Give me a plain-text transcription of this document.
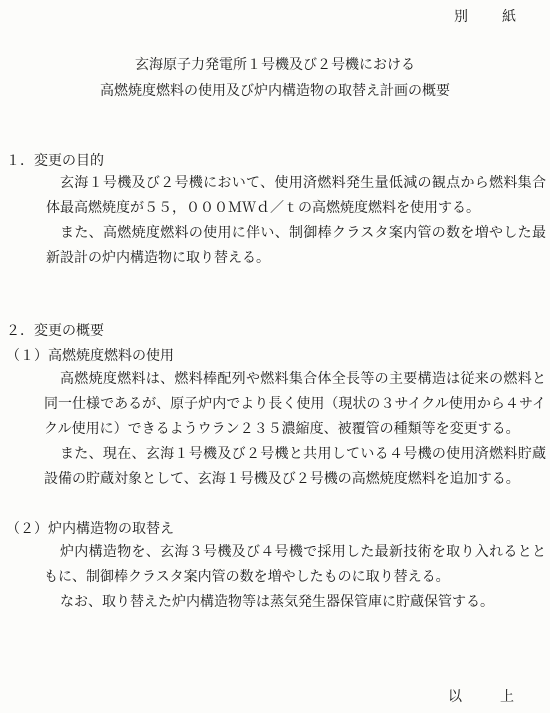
別　紙
玄海原子力発電所１号機及び２号機における
高燃焼度燃料の使用及び炉内構造物の取替え計画の概要
１．変更の目的

玄海１号機及び２号機において、使用済燃料発生量低減の観点から燃料集合体最高燃焼度が５５，０００ＭＷｄ／ｔの高燃焼度燃料を使用する。

また、高燃焼度燃料の使用に伴い、制御棒クラスタ案内管の数を増やした最新設計の炉内構造物に取り替える。

２．変更の概要
（１）高燃焼度燃料の使用

高燃焼度燃料は、燃料棒配列や燃料集合体全長等の主要構造は従来の燃料と同一仕様であるが、原子炉内でより長く使用（現状の３サイクル使用から４サイクル使用に）できるようウラン２３５濃縮度、被覆管の種類等を変更する。

また、現在、玄海１号機及び２号機と共用している４号機の使用済燃料貯蔵設備の貯蔵対象として、玄海１号機及び２号機の高燃焼度燃料を追加する。

（２）炉内構造物の取替え

炉内構造物を、玄海３号機及び４号機で採用した最新技術を取り入れるとともに、制御棒クラスタ案内管の数を増やしたものに取り替える。

なお、取り替えた炉内構造物等は蒸気発生器保管庫に貯蔵保管する。

以　上
